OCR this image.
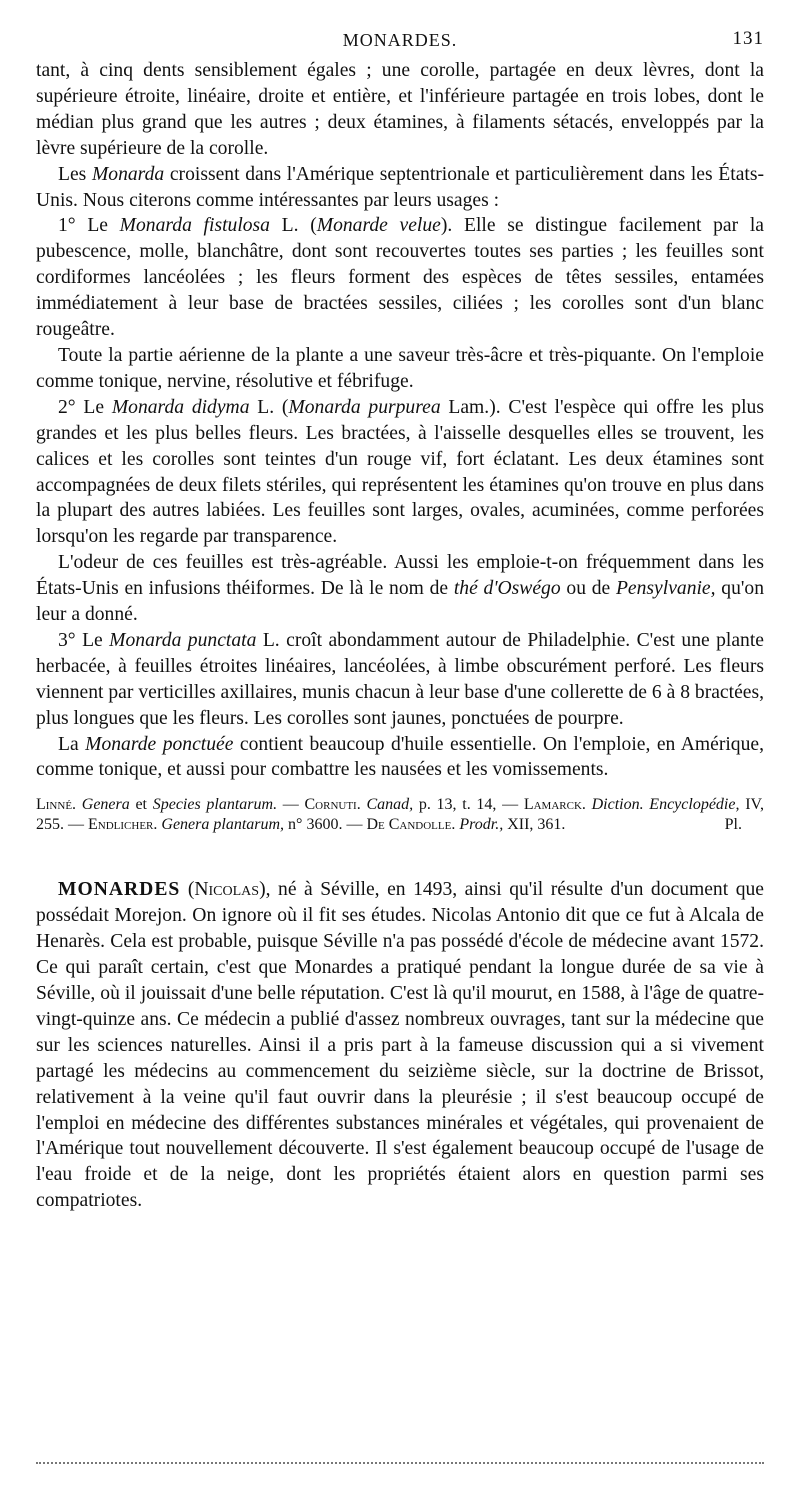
MONARDES.	131

tant, à cinq dents sensiblement égales ; une corolle, partagée en deux lèvres, dont la supérieure étroite, linéaire, droite et entière, et l'inférieure partagée en trois lobes, dont le médian plus grand que les autres ; deux étamines, à filaments sétacés, enveloppés par la lèvre supérieure de la corolle.

Les Monarda croissent dans l'Amérique septentrionale et particulièrement dans les États-Unis. Nous citerons comme intéressantes par leurs usages :

1° Le Monarda fistulosa L. (Monarde velue). Elle se distingue facilement par la pubescence, molle, blanchâtre, dont sont recouvertes toutes ses parties ; les feuilles sont cordiformes lancéolées ; les fleurs forment des espèces de têtes sessiles, entamées immédiatement à leur base de bractées sessiles, ciliées ; les corolles sont d'un blanc rougeâtre.

Toute la partie aérienne de la plante a une saveur très-âcre et très-piquante. On l'emploie comme tonique, nervine, résolutive et fébrifuge.

2° Le Monarda didyma L. (Monarda purpurea Lam.). C'est l'espèce qui offre les plus grandes et les plus belles fleurs. Les bractées, à l'aisselle desquelles elles se trouvent, les calices et les corolles sont teintes d'un rouge vif, fort éclatant. Les deux étamines sont accompagnées de deux filets stériles, qui représentent les étamines qu'on trouve en plus dans la plupart des autres labiées. Les feuilles sont larges, ovales, acuminées, comme perforées lorsqu'on les regarde par transparence.

L'odeur de ces feuilles est très-agréable. Aussi les emploie-t-on fréquemment dans les États-Unis en infusions théiformes. De là le nom de thé d'Oswégo ou de Pensylvanie, qu'on leur a donné.

3° Le Monarda punctata L. croît abondamment autour de Philadelphie. C'est une plante herbacée, à feuilles étroites linéaires, lancéolées, à limbe obscurément perforé. Les fleurs viennent par verticilles axillaires, munis chacun à leur base d'une collerette de 6 à 8 bractées, plus longues que les fleurs. Les corolles sont jaunes, ponctuées de pourpre.

La Monarde ponctuée contient beaucoup d'huile essentielle. On l'emploie, en Amérique, comme tonique, et aussi pour combattre les nausées et les vomissements.

Linné. Genera et Species plantarum. — Cornuti. Canad, p. 13, t. 14, — Lamarck. Diction. Encyclopédie, IV, 255. — Endlicher. Genera plantarum, n° 3600. — De Candolle. Prodr., XII, 361.	Pl.

MONARDES (Nicolas), né à Séville, en 1493, ainsi qu'il résulte d'un document que possédait Morejon. On ignore où il fit ses études. Nicolas Antonio dit que ce fut à Alcala de Henarès. Cela est probable, puisque Séville n'a pas possédé d'école de médecine avant 1572. Ce qui paraît certain, c'est que Monardes a pratiqué pendant la longue durée de sa vie à Séville, où il jouissait d'une belle réputation. C'est là qu'il mourut, en 1588, à l'âge de quatre-vingt-quinze ans. Ce médecin a publié d'assez nombreux ouvrages, tant sur la médecine que sur les sciences naturelles. Ainsi il a pris part à la fameuse discussion qui a si vivement partagé les médecins au commencement du seizième siècle, sur la doctrine de Brissot, relativement à la veine qu'il faut ouvrir dans la pleurésie ; il s'est beaucoup occupé de l'emploi en médecine des différentes substances minérales et végétales, qui provenaient de l'Amérique tout nouvellement découverte. Il s'est également beaucoup occupé de l'usage de l'eau froide et de la neige, dont les propriétés étaient alors en question parmi ses compatriotes.
